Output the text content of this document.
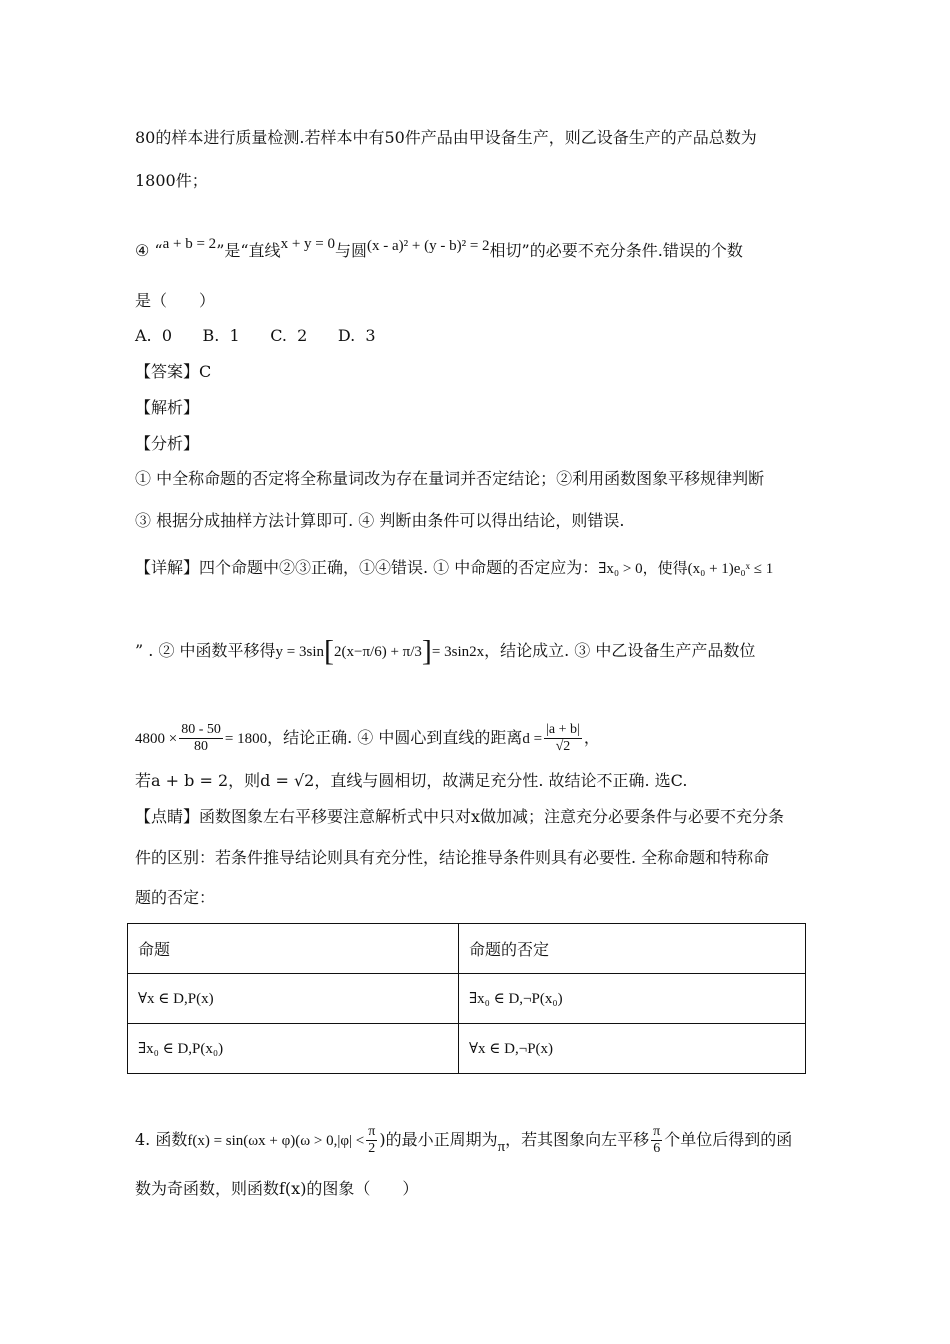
80的样本进行质量检测.若样本中有50件产品由甲设备生产，则乙设备生产的产品总数为
1800件；
④ “a + b = 2”是“直线x + y = 0与圆(x - a)² + (y - b)² = 2相切”的必要不充分条件.错误的个数
是（　　）
A.  0      B.  1      C.  2      D.  3
【答案】C
【解析】
【分析】
① 中全称命题的否定将全称量词改为存在量词并否定结论；②利用函数图象平移规律判断
③ 根据分成抽样方法计算即可. ④ 判断由条件可以得出结论，则错误.
【详解】四个命题中②③正确，①④错误. ① 中命题的否定应为：∃x₀ > 0，使得(x₀ + 1)e₀ˣ ≤ 1
” . ② 中函数平移得y = 3sin[2(x−π/6) + π/3]= 3sin2x，结论成立. ③ 中乙设备生产产品数位
$4800 \times \frac{80 - 50}{80} = 1800$，结论正确. ④ 中圆心到直线的距离$d = \frac{|a + b|}{√2}$ ，
若a + b = 2，则d = √2，直线与圆相切，故满足充分性. 故结论不正确. 选C.
【点睛】函数图象左右平移要注意解析式中只对x做加减；注意充分必要条件与必要不充分条
件的区别：若条件推导结论则具有充分性，结论推导条件则具有必要性. 全称命题和特称命
题的否定：
命题	命题的否定
∀x ∈ D,P(x)	∃x₀ ∈ D,¬P(x₀)
∃x₀ ∈ D,P(x₀)	∀x ∈ D,¬P(x)
4. 函数$f(x) = \sin(\omega x + \varphi)(\omega > 0,|\varphi| < \frac{\pi}{2}$ )的最小正周期为π，若其图象向左平移 $\frac{\pi}{6}$ 个单位后得到的函
数为奇函数，则函数f(x)的图象（　　）
